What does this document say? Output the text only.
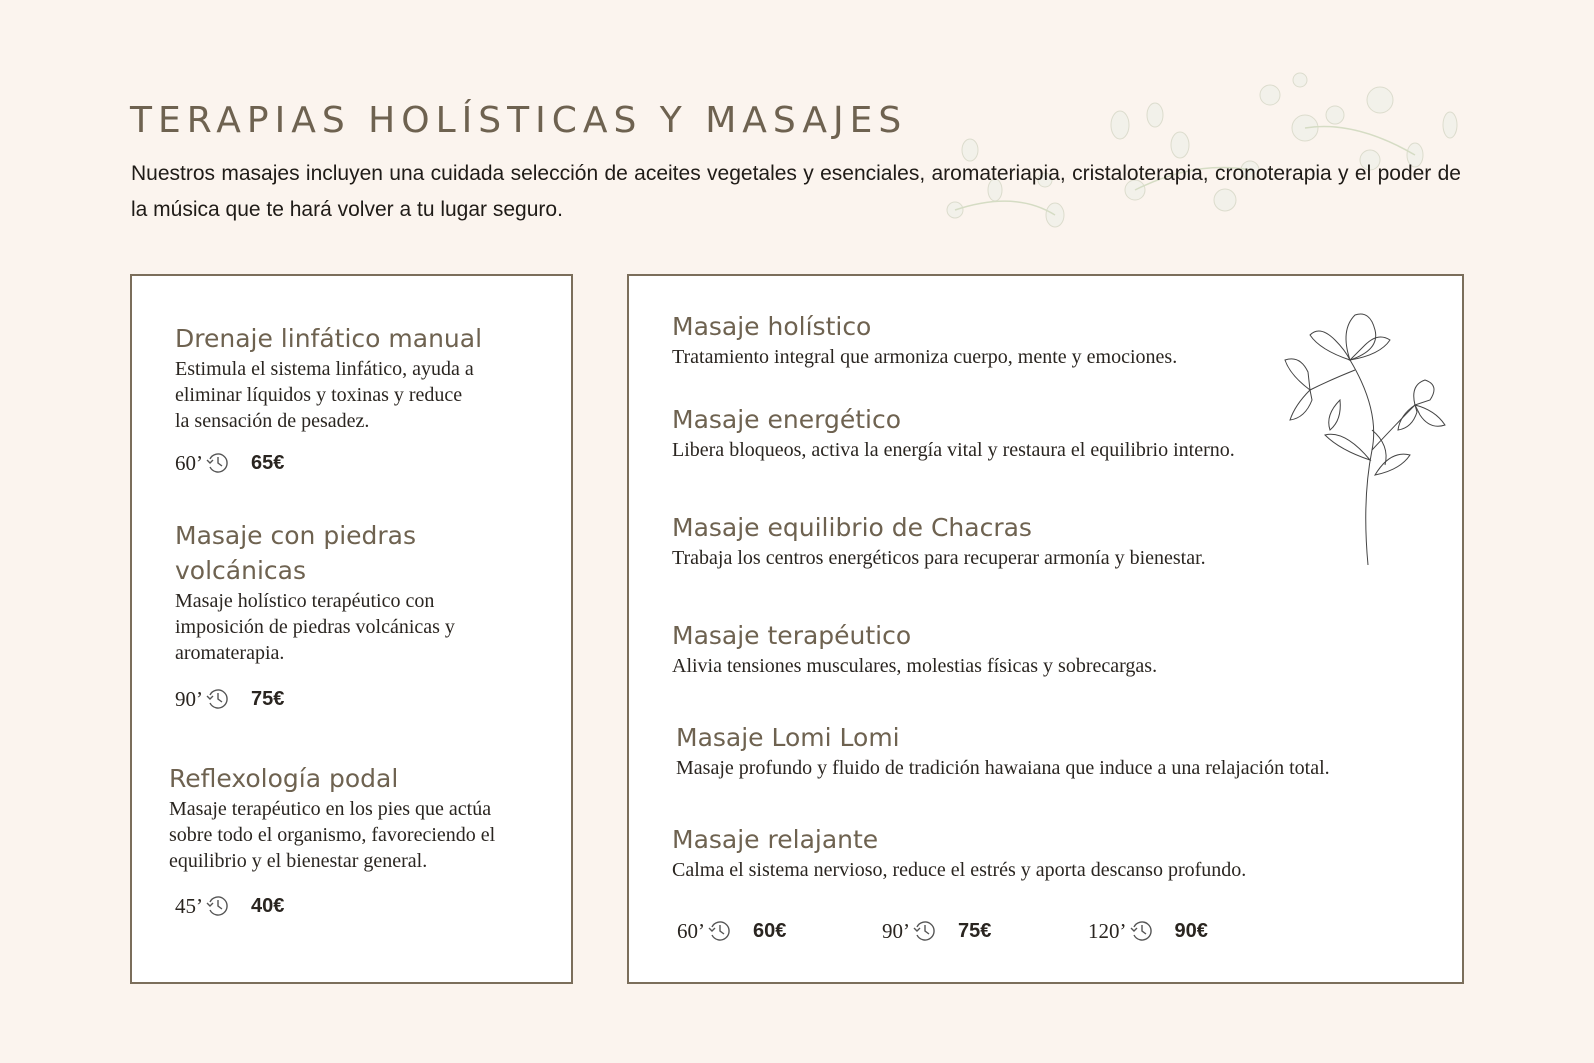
TERAPIAS HOLÍSTICAS Y MASAJES

Nuestros masajes incluyen una cuidada selección de aceites vegetales y esenciales, aromateriapia, cristaloterapia, cronoterapia y el poder de la música que te hará volver a tu lugar seguro.

Drenaje linfático manual

Estimula el sistema linfático, ayuda a

eliminar líquidos y toxinas y reduce

la sensación de pesadez.

60’ 65€

Masaje con piedras

volcánicas

Masaje holístico terapéutico con

imposición de piedras volcánicas y

aromaterapia.

90’ 75€

Reflexología podal

Masaje terapéutico en los pies que actúa

sobre todo el organismo, favoreciendo el

equilibrio y el bienestar general.

45’ 40€

Masaje holístico

Tratamiento integral que armoniza cuerpo, mente y emociones.

Masaje energético

Libera bloqueos, activa la energía vital y restaura el equilibrio interno.

Masaje equilibrio de Chacras

Trabaja los centros energéticos para recuperar armonía y bienestar.

Masaje terapéutico

Alivia tensiones musculares, molestias físicas y sobrecargas.

Masaje Lomi Lomi

Masaje profundo y fluido de tradición hawaiana que induce a una relajación total.

Masaje relajante

Calma el sistema nervioso, reduce el estrés y aporta descanso profundo.

60’ 60€	90’ 75€	120’ 90€
